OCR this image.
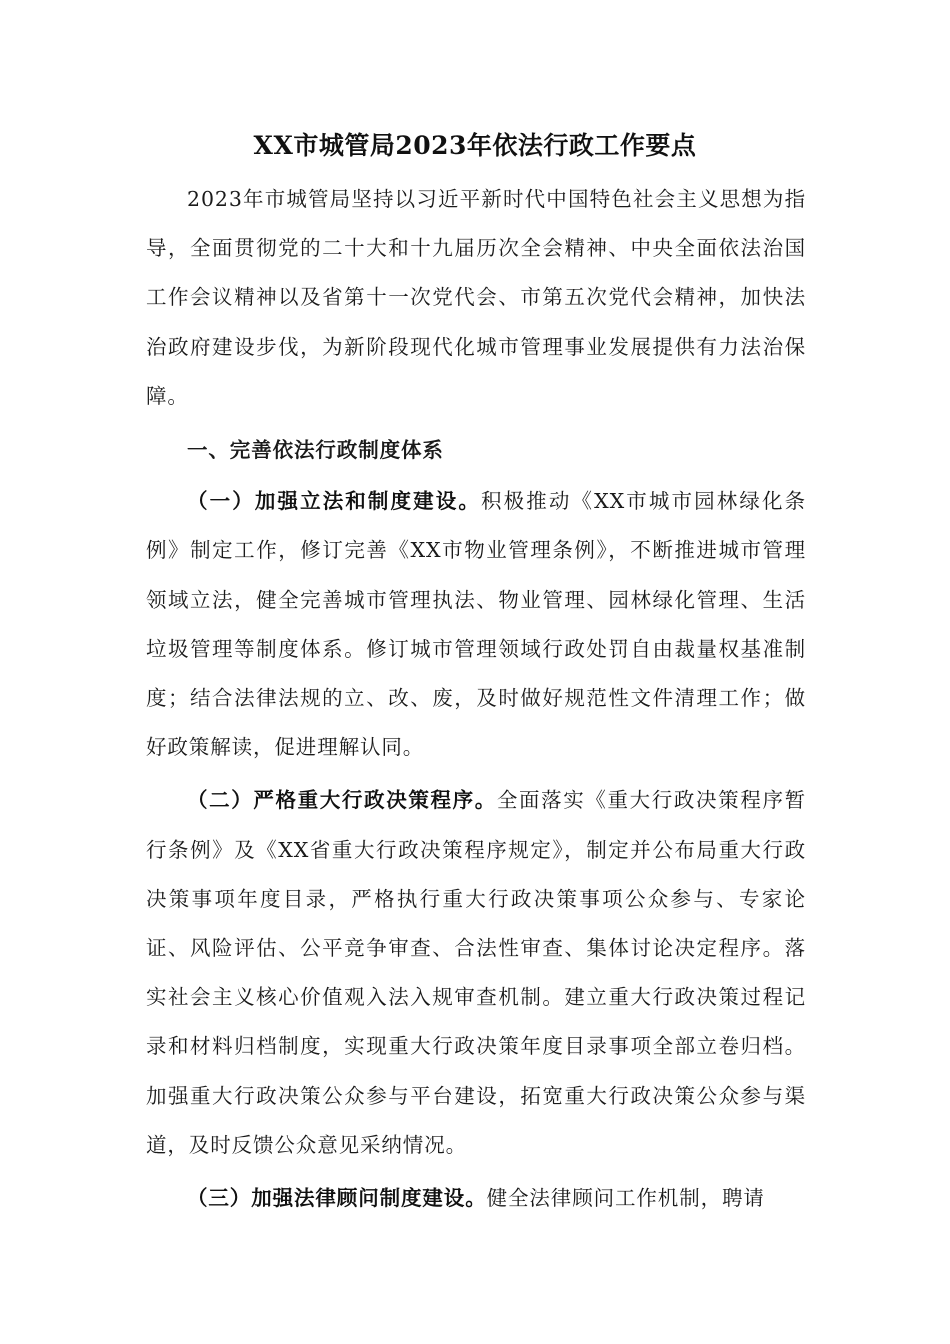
XX市城管局2023年依法行政工作要点

2023年市城管局坚持以习近平新时代中国特色社会主义思想为指导，全面贯彻党的二十大和十九届历次全会精神、中央全面依法治国工作会议精神以及省第十一次党代会、市第五次党代会精神，加快法治政府建设步伐，为新阶段现代化城市管理事业发展提供有力法治保障。

一、完善依法行政制度体系

（一）加强立法和制度建设。积极推动《XX市城市园林绿化条例》制定工作，修订完善《XX市物业管理条例》，不断推进城市管理领域立法，健全完善城市管理执法、物业管理、园林绿化管理、生活垃圾管理等制度体系。修订城市管理领域行政处罚自由裁量权基准制度；结合法律法规的立、改、废，及时做好规范性文件清理工作；做好政策解读，促进理解认同。

（二）严格重大行政决策程序。全面落实《重大行政决策程序暂行条例》及《XX省重大行政决策程序规定》，制定并公布局重大行政决策事项年度目录，严格执行重大行政决策事项公众参与、专家论证、风险评估、公平竞争审查、合法性审查、集体讨论决定程序。落实社会主义核心价值观入法入规审查机制。建立重大行政决策过程记录和材料归档制度，实现重大行政决策年度目录事项全部立卷归档。加强重大行政决策公众参与平台建设，拓宽重大行政决策公众参与渠道，及时反馈公众意见采纳情况。

（三）加强法律顾问制度建设。健全法律顾问工作机制，聘请
